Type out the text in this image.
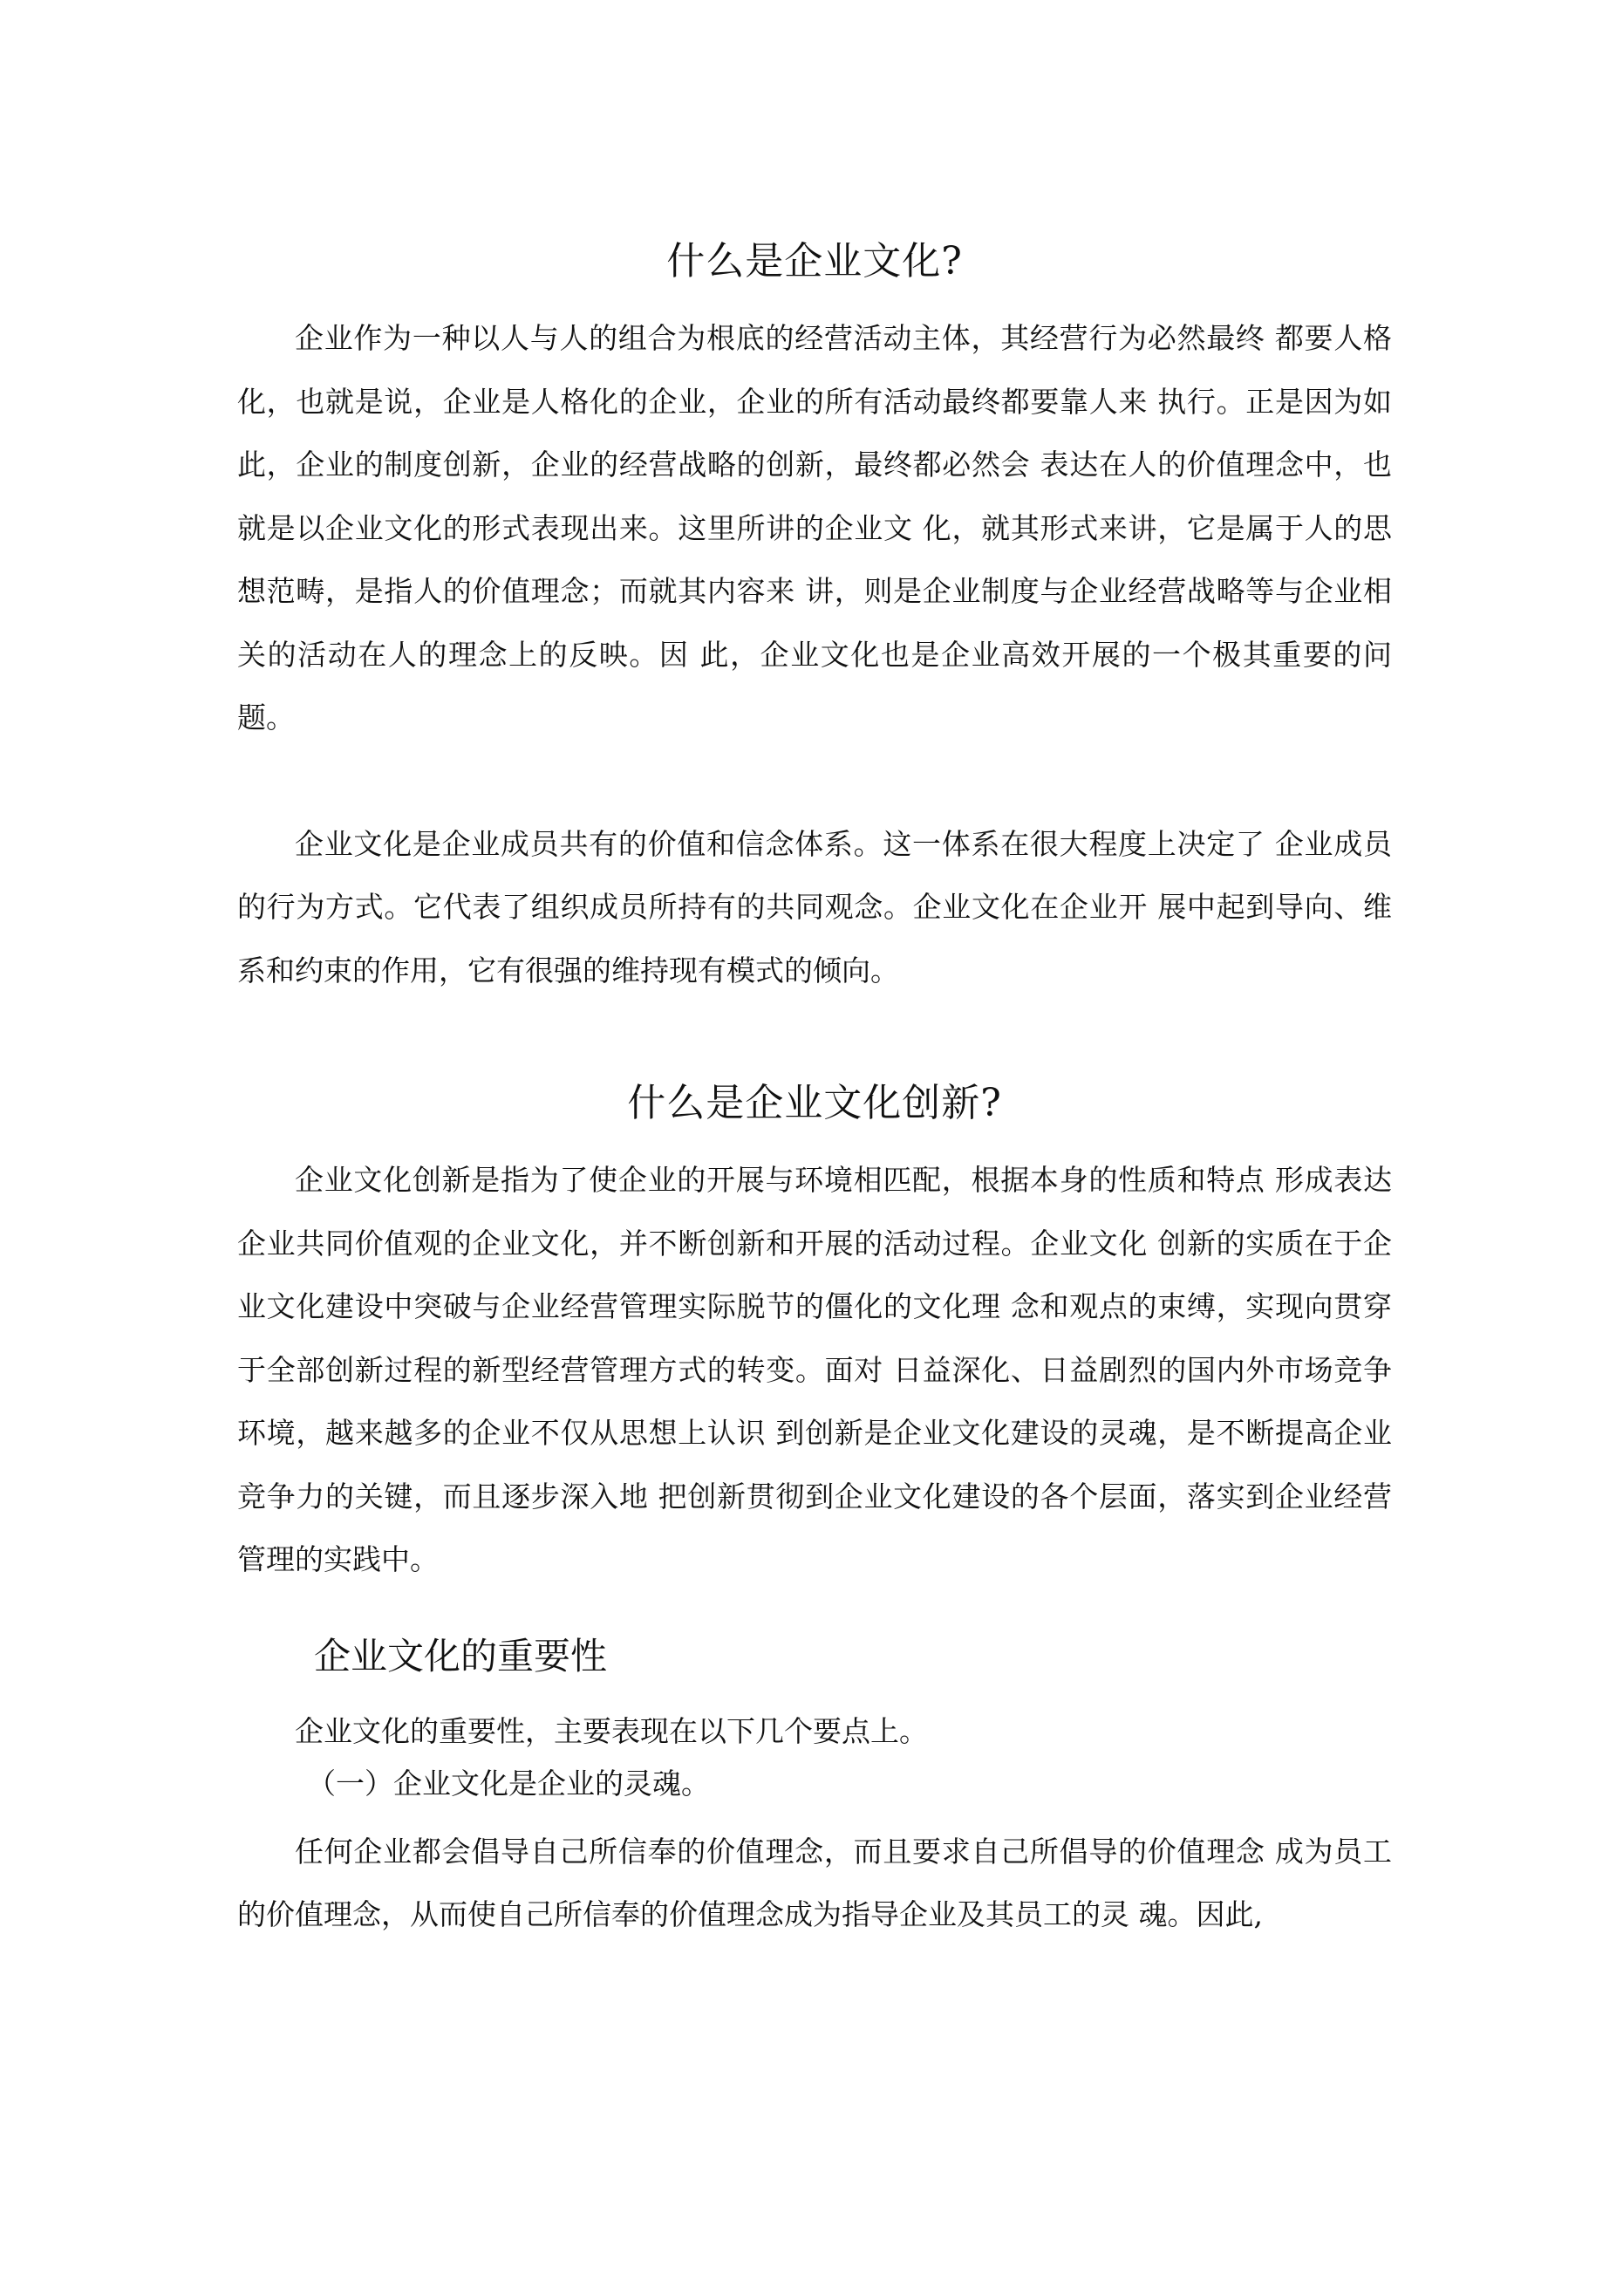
什么是企业文化?

企业作为一种以人与人的组合为根底的经营活动主体，其经营行为必然最终 都要人格化，也就是说，企业是人格化的企业，企业的所有活动最终都要靠人来 执行。正是因为如此，企业的制度创新，企业的经营战略的创新，最终都必然会 表达在人的价值理念中，也就是以企业文化的形式表现出来。这里所讲的企业文 化，就其形式来讲，它是属于人的思想范畴，是指人的价值理念；而就其内容来 讲，则是企业制度与企业经营战略等与企业相关的活动在人的理念上的反映。因 此，企业文化也是企业高效开展的一个极其重要的问题。

企业文化是企业成员共有的价值和信念体系。这一体系在很大程度上决定了 企业成员的行为方式。它代表了组织成员所持有的共同观念。企业文化在企业开 展中起到导向、维系和约束的作用，它有很强的维持现有模式的倾向。

什么是企业文化创新?

企业文化创新是指为了使企业的开展与环境相匹配，根据本身的性质和特点 形成表达企业共同价值观的企业文化，并不断创新和开展的活动过程。企业文化 创新的实质在于企业文化建设中突破与企业经营管理实际脱节的僵化的文化理 念和观点的束缚，实现向贯穿于全部创新过程的新型经营管理方式的转变。面对 日益深化、日益剧烈的国内外市场竞争环境，越来越多的企业不仅从思想上认识 到创新是企业文化建设的灵魂，是不断提高企业竞争力的关键，而且逐步深入地 把创新贯彻到企业文化建设的各个层面，落实到企业经营管理的实践中。

企业文化的重要性

企业文化的重要性，主要表现在以下几个要点上。

（一）企业文化是企业的灵魂。

任何企业都会倡导自己所信奉的价值理念，而且要求自己所倡导的价值理念 成为员工的价值理念，从而使自己所信奉的价值理念成为指导企业及其员工的灵 魂。因此,
